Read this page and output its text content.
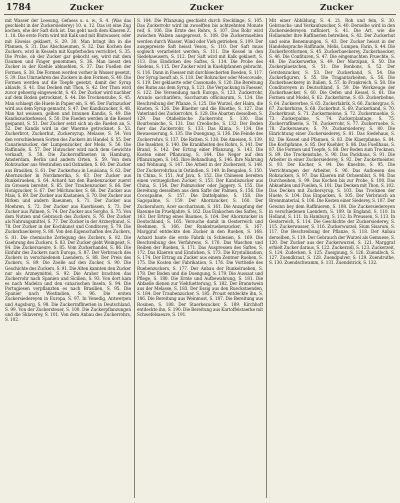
1784	Zucker	Zucker	Zucker

mit Wasser der Loesung, Gefaess u. s. w., S. 4. (Was das geschieht in der Zuckersiederey) 10. u. 12. Das ist eine Zug kochen, ehe der Saft dick ist. Das geht nach dem Klaeren Z. 1. 18. Die erste Form wird mit Kalk und mit Blutwasser, oder mit Eiweiss geklaert, S. 29. 30. Man bringt ihn in die Pfannen, S. 31. Das Abschaeumen, S. 32. Das Kochen des Zuckers, wird in Kesseln mit Kupferboden verrichtet, S. 35. Die Probe, ob der Zucker gar gekocht sey, wird mit dem Daumen und Finger genommen, S. 36. Man laesst den Zucker in der Kuehle abkuehlen, S. 37. Das Fuellen der Formen, S. 38. Die Formen werden vorher in Wasser gesetzt, S. 39. Das Umruehren des Zuckers in den Formen, S. 40. Die Formen werden auf die Toepfe gesetzt, damit der Syrup ablaufe, S. 41. Das Decken mit Thon, S. 42. Der Thon wird zuvor gehoerig eingeweicht, S. 43. Der Zucker wird nachher auf dem Boden getrocknet, S. 44. Die Trockenstube, S. 45. Man schlaegt die Huete in Papier ein, S. 46. Der Farinzucker wird aus dem Syrup gemacht, S. 47. Der Kandiszucker, S. 48. Man hat weissen, gelben und braunen Kandis, S. 49. Die Kandiszuckerkessel, S. 50. Die Faeden werden in die Kessel gespannt, S. 51. Der Zucker setzt sich an die Faeden an, S. 52. Der Kandis wird in der Waerme getrocknet, S. 53. Zuckerbrot, Zuckerhut, Zuckersyrup, Melasse, S. 54. Von den verschiedenen Sorten des Zuckers im Handel, S. 55. Der Canarienzucker, der Lumpenzucker, der Melis, S. 56. Die Raffinade, S. 57. Der Hutzucker wird nach dem Gewichte verkauft, S. 58. Die Zuckerraffinerien in Hamburg, Amsterdam, Berlin und andern Orten, S. 59. Von dem Rohrzucker aus Westindien und Ostindien, S. 60. Der Zucker aus Brasilien, S. 61. Der Zuckerbau in Louisiana, S. 62. Der Ahornzucker in Nordamerika, S. 63. Der Zucker aus Runkelrueben, S. 64. Achard hat den Ruebenzucker zuerst im Grossen bereitet, S. 65. Der Traubenzucker, S. 66. Der Honigzucker, S. 67. Der Milchzucker, S. 68. Der Zucker aus Mais, S. 69. Der Zucker aus Kastanien, S. 70. Der Zucker aus Birken und andern Baeumen, S. 71. Der Zucker aus Moehren, S. 72. Der Zucker aus Kuerbissen, S. 73. Der Zucker aus Palmen, S. 74. Der Zucker aus Sorgho, S. 75. Von dem Nutzen und Gebrauch des Zuckers, S. 76. Der Zucker als Nahrungsmittel, S. 77. Der Zucker in der Arzneykunst, S. 78. Der Zucker in der Kochkunst und Conditorey, S. 79. Die Zuckerbaeckerey, S. 80. Von den Eigenschaften des Zuckers, S. 81. Die chemische Zerlegung des Zuckers, S. 82. Die Gaehrung des Zuckers, S. 83. Der Zucker giebt Weingeist, S. 84. Die Zuckersaeure, S. 85. Vom Zuckerhandel, S. 86. Die Einfuhr des Zuckers nach Europa, S. 87. Der Verbrauch des Zuckers in verschiedenen Laendern, S. 88. Der Preis des Zuckers, S. 89. Die Zoelle auf den Zucker, S. 90. Die Geschichte des Zuckers, S. 91. Die Alten kannten den Zucker nur als Arzneymittel, S. 92. Die Araber brachten das Zuckerrohr nach Spanien und Sicilien, S. 93. Von dort kam es nach Madeira und den canarischen Inseln, S. 94. Die Portugiesen verpflanzten es nach Brasilien, S. 95. Die Spanier nach Westindien, S. 96. Die ersten Zuckersiedereyen in Europa, S. 97. In Venedig, Antwerpen und Augsburg, S. 98. Die Zuckerraffinerien in Deutschland, S. 99. Von der Zuckersteuer, S. 100. Die Zuckerpflanzungen und die Sklaverey, S. 101. Von dem Anbau des Zuckerrohrs, S. 102.

S. 104. Die Pflanzung geschieht durch Stecklinge, S. 105. Das Zuckerrohr wird im zwoelften bis achtzehnten Monate reif, S. 106. Die Ernte des Rohrs, S. 107. Das Rohr wird zwischen Walzen ausgepresst, S. 108. Die Zuckermuehlen werden durch Wasser, Wind oder Vieh getrieben, S. 109. Der ausgepresste Saft heisst Vesou, S. 110. Der Saft muss sogleich verarbeitet werden, S. 111. Die Kessel in den Siedehaeusern, S. 112. Der Saft wird mit Kalk geklaert, S. 113. Das Eindicken des Saftes, S. 114. Die Probe des Siedens, S. 115. Der Zucker wird in Kuehlpfannen gebracht, S. 116. Dann in Faesser mit durchloecherten Boeden, S. 117. Der Syrup laeuft ab, S. 118. Der Rohzucker oder Moscovade, S. 119. Der geklaerte oder Cassonade, S. 120. Die Bereitung des Rums aus dem Syrup, S. 121. Die Verpackung in Faesser, S. 122. Die Versendung nach Europa, S. 123. Zuckerrohr, Arundo saccharifera, Saccharum officinarum, S. 124. Die Beschreibung der Pflanze, S. 125. Die Wurzel, der Halm, die Knoten, S. 126. Die Blaetter und die Bluethe, S. 127. Das Vaterland des Zuckerrohrs, S. 128. Die Abarten desselben, S. 129. Das Otaheitische Zuckerrohr, S. 130. Das Bourbonische, S. 131. Das Creolische, S. 132. Der Boden fuer das Zuckerrohr, S. 133. Das Klima, S. 134. Die Bewaesserung, S. 135. Die Duengung, S. 136. Die Feinde des Zuckerrohrs, S. 137. Die Ratten, S. 138. Die Ameisen, S. 139. Die Insekten, S. 140. Die Krankheiten des Rohrs, S. 141. Der Brand, S. 142. Der Ertrag einer Pflanzung, S. 143. Die Kosten einer Pflanzung, S. 144. Die Neger auf den Pflanzungen, S. 145. Ihre Behandlung, S. 146. Ihre Nahrung und Wohnung, S. 147. Die Arbeit in der Zuckerzeit, S. 148. Der Zuckerrohrbau in Ostindien, S. 149. In Bengalen, S. 150. In China, S. 151. Auf Java, S. 152. Die Chinesen bereiten einen vorzueglichen Zucker, S. 153. Der Kandiszucker aus China, S. 154. Der Palmzucker oder Jaggery, S. 155. Die Bereitung desselben aus dem Safte der Palmen, S. 156. Die Cocospalme, S. 157. Die Dattelpalme, S. 158. Die Sagopalme, S. 159. Der Ahornzucker, S. 160. Der Zuckerahorn, Acer saccharinum, S. 161. Die Anzapfung der Baeume im Fruehjahre, S. 162. Das Einkochen des Saftes, S. 163. Der Ertrag eines Baumes, S. 164. Der Ahornzucker in Deutschland, S. 165. Versuche damit in Oesterreich und Boehmen, S. 166. Der Runkelruebenzucker, S. 167. Marggraf entdeckte den Zucker in den Rueben, S. 168. Achard baute die erste Fabrik in Schlesien, S. 169. Die Beschreibung des Verfahrens, S. 170. Das Waschen und Reiben der Rueben, S. 171. Das Auspressen des Saftes, S. 172. Das Klaeren und Eindicken, S. 173. Die Krystallisation, S. 174. Der Ertrag an Zucker aus einem Zentner Rueben, S. 175. Die Kosten der Fabrikation, S. 176. Die Vortheile des Ruebenzuckers, S. 177. Der Anbau der Runkelrueben, S. 178. Der Boden und die Duengung, S. 179. Die Aussaat und Pflege, S. 180. Die Ernte und Aufbewahrung, S. 181. Die Abfaelle dienen zur Viehfuetterung, S. 182. Der Branntwein aus der Melasse, S. 183. Der Essig aus den Rueckstaenden, S. 184. Der Traubenzucker, S. 185. Proust entdeckte ihn, S. 186. Die Bereitung aus Weinmost, S. 187. Die Bereitung aus Rosinen, S. 188. Der Staerkezucker, S. 189. Kirchhoff entdeckte ihn, S. 190. Die Bereitung aus Kartoffelstaerke mit Schwefelsaeure, S. 191.

Mit einer Abbildung, S. 4. 21. Roh und fein, S. 30. Gebrauchs- und Verkaufszucker, S. 40. Derselbe wird in den Zuckersiedereyen raffiniert, S. 41. Die Art, wie die Hollaender ihre Raffinerien betreiben, S. 42. Der Zuckerhut und seine Benennungen, S. 43. Der Zucker heisst in der Handelssprache Raffinade, Melis, Lumpen, Farin, S. 44. Die Zuckerbrotformen, S. 45. Zuckerbaeckerey, Zuckerbaecker, S. 46. Die Confituren, S. 47. Die eingemachten Fruechte, S. 48. Die Zuckerwerke, S. 49. Der Marzipan, S. 50. Die Zuckerplaetzchen, S. 51. Die Bonbons, S. 52. Der Gerstenzucker, S. 53. Der Zuckerkand, S. 54. Die Zuckerfiguren, S. 55. Die Tragantarbeiten, S. 56. Die Zuckerbaeckerey in Italien, S. 57. In Frankreich, S. 58. Die Conditoreyen in Deutschland, S. 59. Die Werkzeuge der Zuckerbaecker, S. 60. Die Oefen und Kessel, S. 61. Die Formen und Model, S. 62. Zuckerbirne, S. 63. Zuckerbohne, S. 64. Zuckererbse, S. 65. Zuckerfabrik, S. 66. Zuckergras, S. 67. Zuckerhirse, S. 68. Zuckerhut, S. 69. Zuckerkand, S. 70. Zuckerkraut, S. 71. Zuckermelone, S. 72. Zuckermuehle, S. 73. Zuckerpalme, S. 74. Zuckerplantage, S. 75. Zuckerraffinerie, S. 76. Zuckerrohr, S. 77. Zuckerruebe, S. 78. Zuckersaeure, S. 79. Zuckersiederey, S. 80. Die Einrichtung einer Zuckersiederey, S. 81. Das Siedehaus, S. 82. Die Kessel und Pfannen, S. 83. Die Klaerpfanne, S. 84. Die Kochpfanne, S. 85. Der Kuehler, S. 86. Das Fuellhaus, S. 87. Die Formen und Toepfe, S. 88. Der Boden zum Trocknen, S. 89. Die Trockenstube, S. 90. Das Packhaus, S. 91. Die Arbeiter in einer Zuckersiederey, S. 92. Der Zuckermeister, S. 93. Der Kocher, S. 94. Die Knechte, S. 95. Die Verrichtungen der Arbeiter, S. 96. Das Aufloesen des Rohzuckers, S. 97. Das Klaeren mit Ochsenblut, S. 98. Das Durchseihen, S. 99. Das Kochen bis zur Probe, S. 100. Das Abkuehlen und Fuellen, S. 101. Das Decken mit Thon, S. 102. Das Decken mit Zuckersyrup, S. 103. Das Trocknen der Huete, S. 104. Das Einpacken, S. 105. Der Verbrauch an Brennmaterial, S. 106. Die Kosten einer Siederey, S. 107. Der Gewinn bey dem Raffinieren, S. 108. Die Zuckersiedereyen in verschiedenen Laendern, S. 109. In England, S. 110. In Holland, S. 111. In Hamburg, S. 112. In Preussen, S. 113. In Oesterreich, S. 114. Die Geschichte der Zuckersiederey, S. 115. Zuckerwasser, S. 116. Zuckerwurzel, Sium Sisarum, S. 117. Die Beschreibung der Pflanze, S. 118. Der Anbau derselben, S. 119. Der Gebrauch der Wurzel als Gemuese, S. 120. Der Zucker aus der Zuckerwurzel, S. 121. Marggraf erhielt Zucker daraus, S. 122. Zuckerzoll, S. 123. Zuckerzeit, S. 124. Zudecken, S. 125. Zueignung, S. 126. Zuendloch, S. 127. Zuendkraut, S. 128. Zuendpulver, S. 129. Zuendruthe, S. 130. Zuendschwamm, S. 131. Zuendstrick, S. 132.
